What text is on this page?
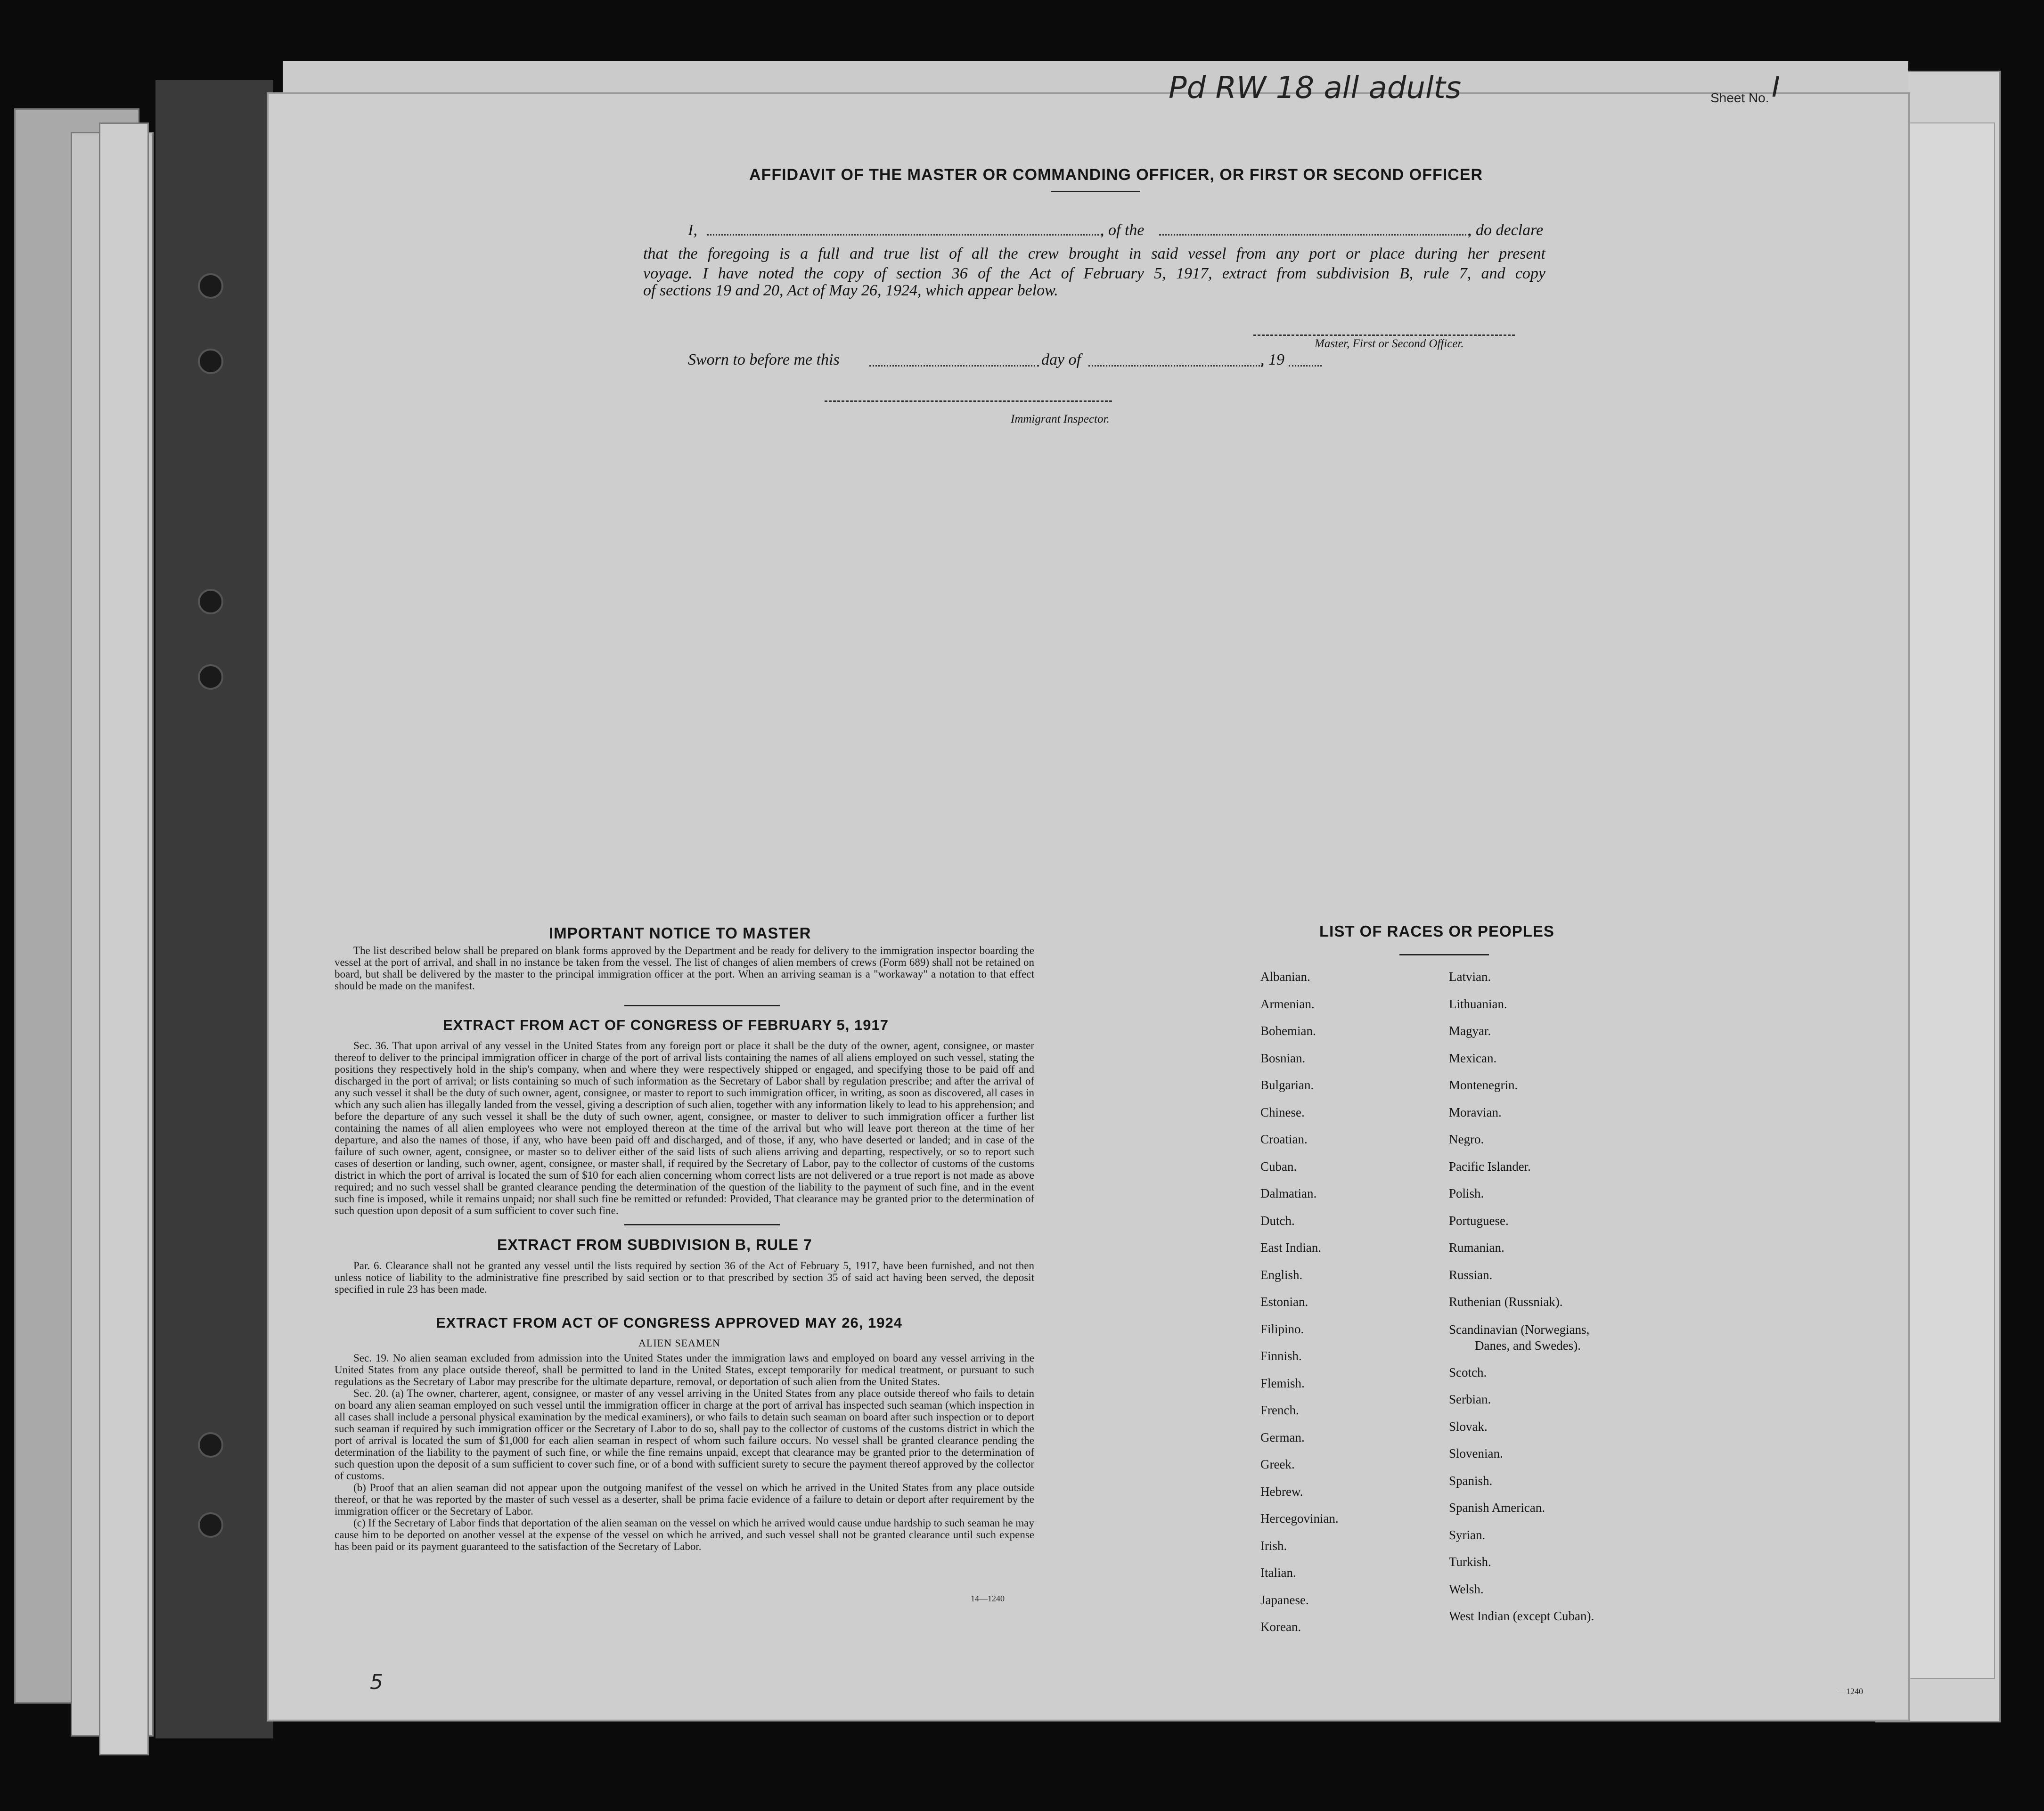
Pd RW 18 all adults	Sheet No. I
AFFIDAVIT OF THE MASTER OR COMMANDING OFFICER, OR FIRST OR SECOND OFFICER
I,	, of the	, do declare
that the foregoing is a full and true list of all the crew brought in said vessel from any port or place during her present
voyage. I have noted the copy of section 36 of the Act of February 5, 1917, extract from subdivision B, rule 7, and copy
of sections 19 and 20, Act of May 26, 1924, which appear below.
Master, First or Second Officer.
Sworn to before me this	day of	, 19
Immigrant Inspector.
IMPORTANT NOTICE TO MASTER

The list described below shall be prepared on blank forms approved by the Department and be ready for delivery to the immigration inspector boarding the vessel at the port of arrival, and shall in no instance be taken from the vessel. The list of changes of alien members of crews (Form 689) shall not be retained on board, but shall be delivered by the master to the principal immigration officer at the port. When an arriving seaman is a "workaway" a notation to that effect should be made on the manifest.

EXTRACT FROM ACT OF CONGRESS OF FEBRUARY 5, 1917

Sec. 36. That upon arrival of any vessel in the United States from any foreign port or place it shall be the duty of the owner, agent, consignee, or master thereof to deliver to the principal immigration officer in charge of the port of arrival lists containing the names of all aliens employed on such vessel, stating the positions they respectively hold in the ship's company, when and where they were respectively shipped or engaged, and specifying those to be paid off and discharged in the port of arrival; or lists containing so much of such information as the Secretary of Labor shall by regulation prescribe; and after the arrival of any such vessel it shall be the duty of such owner, agent, consignee, or master to report to such immigration officer, in writing, as soon as discovered, all cases in which any such alien has illegally landed from the vessel, giving a description of such alien, together with any information likely to lead to his apprehension; and before the departure of any such vessel it shall be the duty of such owner, agent, consignee, or master to deliver to such immigration officer a further list containing the names of all alien employees who were not employed thereon at the time of the arrival but who will leave port thereon at the time of her departure, and also the names of those, if any, who have been paid off and discharged, and of those, if any, who have deserted or landed; and in case of the failure of such owner, agent, consignee, or master so to deliver either of the said lists of such aliens arriving and departing, respectively, or so to report such cases of desertion or landing, such owner, agent, consignee, or master shall, if required by the Secretary of Labor, pay to the collector of customs of the customs district in which the port of arrival is located the sum of $10 for each alien concerning whom correct lists are not delivered or a true report is not made as above required; and no such vessel shall be granted clearance pending the determination of the question of the liability to the payment of such fine, and in the event such fine is imposed, while it remains unpaid; nor shall such fine be remitted or refunded: Provided, That clearance may be granted prior to the determination of such question upon deposit of a sum sufficient to cover such fine.

EXTRACT FROM SUBDIVISION B, RULE 7

Par. 6. Clearance shall not be granted any vessel until the lists required by section 36 of the Act of February 5, 1917, have been furnished, and not then unless notice of liability to the administrative fine prescribed by said section or to that prescribed by section 35 of said act having been served, the deposit specified in rule 23 has been made.

EXTRACT FROM ACT OF CONGRESS APPROVED MAY 26, 1924
ALIEN SEAMEN

Sec. 19. No alien seaman excluded from admission into the United States under the immigration laws and employed on board any vessel arriving in the United States from any place outside thereof, shall be permitted to land in the United States, except temporarily for medical treatment, or pursuant to such regulations as the Secretary of Labor may prescribe for the ultimate departure, removal, or deportation of such alien from the United States.

Sec. 20. (a) The owner, charterer, agent, consignee, or master of any vessel arriving in the United States from any place outside thereof who fails to detain on board any alien seaman employed on such vessel until the immigration officer in charge at the port of arrival has inspected such seaman (which inspection in all cases shall include a personal physical examination by the medical examiners), or who fails to detain such seaman on board after such inspection or to deport such seaman if required by such immigration officer or the Secretary of Labor to do so, shall pay to the collector of customs of the customs district in which the port of arrival is located the sum of $1,000 for each alien seaman in respect of whom such failure occurs. No vessel shall be granted clearance pending the determination of the liability to the payment of such fine, or while the fine remains unpaid, except that clearance may be granted prior to the determination of such question upon the deposit of a sum sufficient to cover such fine, or of a bond with sufficient surety to secure the payment thereof approved by the collector of customs.

(b) Proof that an alien seaman did not appear upon the outgoing manifest of the vessel on which he arrived in the United States from any place outside thereof, or that he was reported by the master of such vessel as a deserter, shall be prima facie evidence of a failure to detain or deport after requirement by the immigration officer or the Secretary of Labor.

(c) If the Secretary of Labor finds that deportation of the alien seaman on the vessel on which he arrived would cause undue hardship to such seaman he may cause him to be deported on another vessel at the expense of the vessel on which he arrived, and such vessel shall not be granted clearance until such expense has been paid or its payment guaranteed to the satisfaction of the Secretary of Labor.

14—1240
LIST OF RACES OR PEOPLES
Albanian.
Armenian.
Bohemian.
Bosnian.
Bulgarian.
Chinese.
Croatian.
Cuban.
Dalmatian.
Dutch.
East Indian.
English.
Estonian.
Filipino.
Finnish.
Flemish.
French.
German.
Greek.
Hebrew.
Hercegovinian.
Irish.
Italian.
Japanese.
Korean.
Latvian.
Lithuanian.
Magyar.
Mexican.
Montenegrin.
Moravian.
Negro.
Pacific Islander.
Polish.
Portuguese.
Rumanian.
Russian.
Ruthenian (Russniak).
Scandinavian (Norwegians,
Danes, and Swedes).
Scotch.
Serbian.
Slovak.
Slovenian.
Spanish.
Spanish American.
Syrian.
Turkish.
Welsh.
West Indian (except Cuban).
5	—1240
